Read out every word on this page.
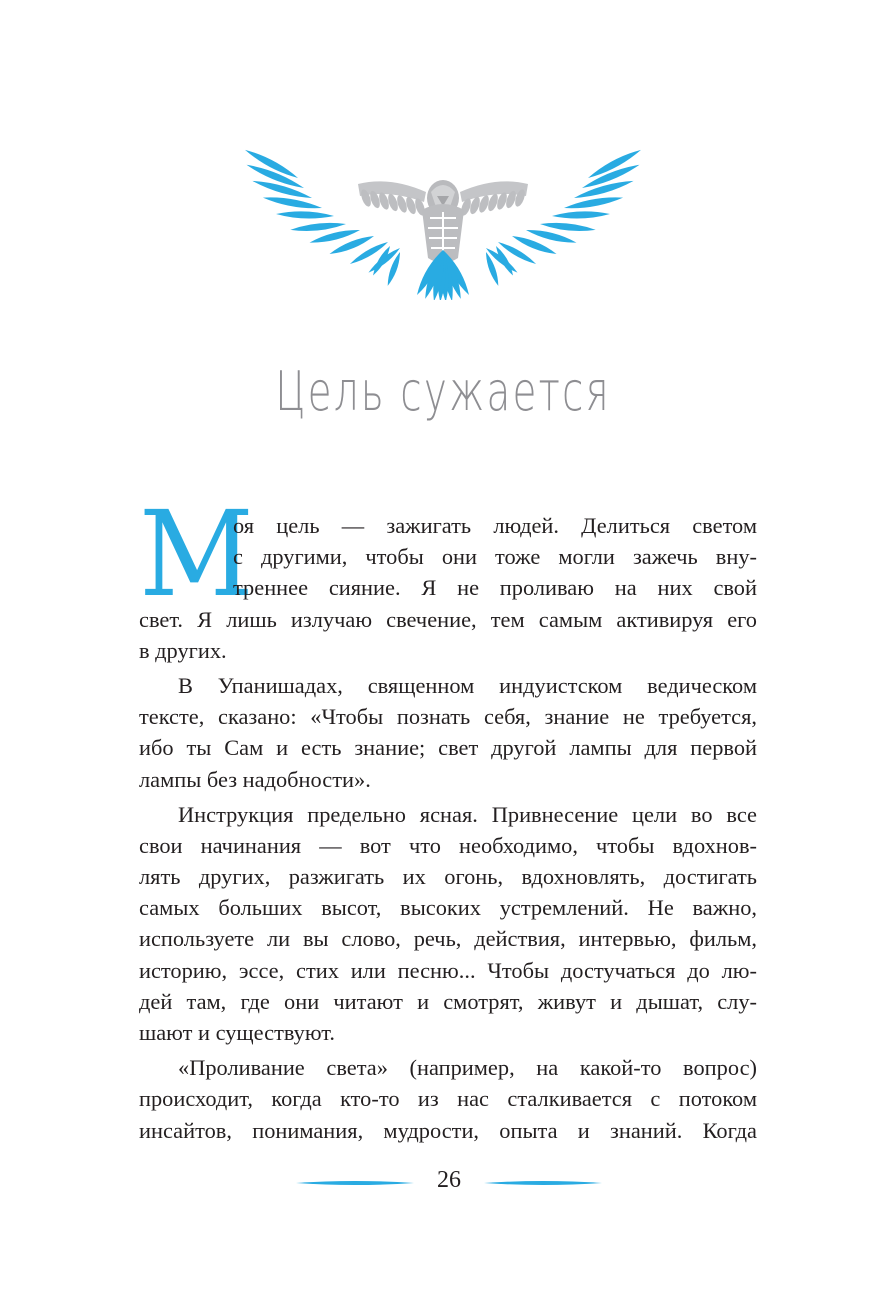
Цель сужается
М
оя цель — зажигать людей. Делиться светом
с другими, чтобы они тоже могли зажечь вну-
треннее сияние. Я не проливаю на них свой
свет. Я лишь излучаю свечение, тем самым активируя его
в других.
В Упанишадах, священном индуистском ведическом
тексте, сказано: «Чтобы познать себя, знание не требуется,
ибо ты Сам и есть знание; свет другой лампы для первой
лампы без надобности».
Инструкция предельно ясная. Привнесение цели во все
свои начинания — вот что необходимо, чтобы вдохнов-
лять других, разжигать их огонь, вдохновлять, достигать
самых больших высот, высоких устремлений. Не важно,
используете ли вы слово, речь, действия, интервью, фильм,
историю, эссе, стих или песню... Чтобы достучаться до лю-
дей там, где они читают и смотрят, живут и дышат, слу-
шают и существуют.
«Проливание света» (например, на какой-то вопрос)
происходит, когда кто-то из нас сталкивается с потоком
инсайтов, понимания, мудрости, опыта и знаний. Когда
26
